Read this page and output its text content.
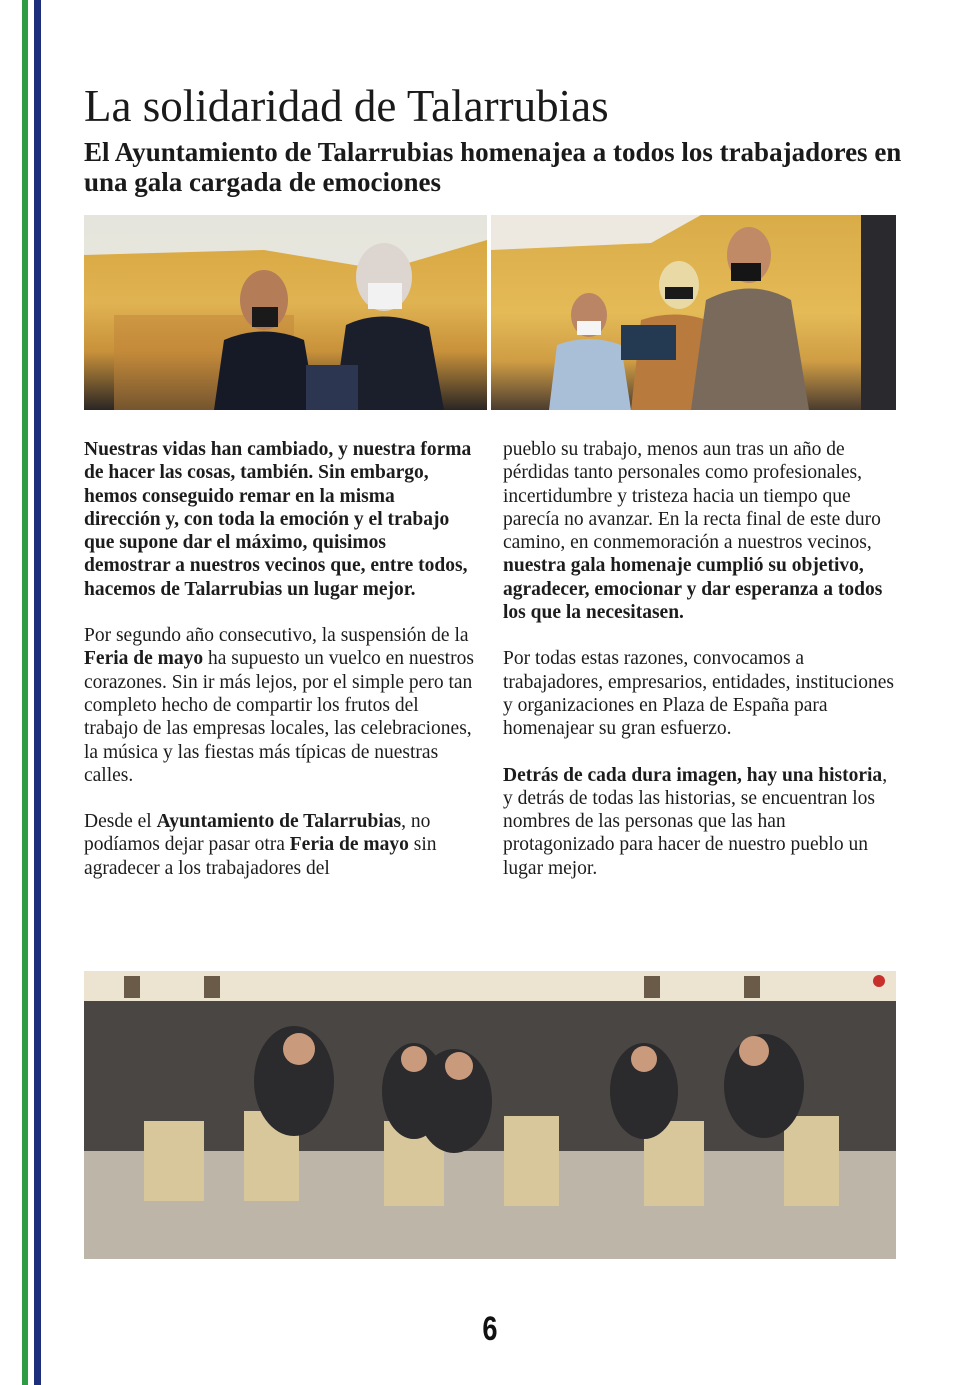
La solidaridad de Talarrubias
El Ayuntamiento de Talarrubias homenajea a todos los trabajadores en una gala cargada de emociones

Nuestras vidas han cambiado, y nuestra forma de hacer las cosas, también. Sin embargo, hemos conseguido remar en la misma dirección y, con toda la emoción y el trabajo que supone dar el máximo, quisimos demostrar a nuestros vecinos que, entre todos, hacemos de Talarrubias un lugar mejor.

Por segundo año consecutivo, la suspensión de la Feria de mayo ha supuesto un vuelco en nuestros corazones. Sin ir más lejos, por el simple pero tan completo hecho de compartir los frutos del trabajo de las empresas locales, las celebraciones, la música y las fiestas más típicas de nuestras calles.

Desde el Ayuntamiento de Talarrubias, no podíamos dejar pasar otra Feria de mayo sin agradecer a los trabajadores del

pueblo su trabajo, menos aun tras un año de pérdidas tanto personales como profesionales, incertidumbre y tristeza hacia un tiempo que parecía no avanzar. En la recta final de este duro camino, en conmemoración a nuestros vecinos, nuestra gala homenaje cumplió su objetivo, agradecer, emocionar y dar esperanza a todos los que la necesitasen.

Por todas estas razones, convocamos a trabajadores, empresarios, entidades, instituciones y organizaciones en Plaza de España para homenajear su gran esfuerzo.

Detrás de cada dura imagen, hay una historia, y detrás de todas las historias, se encuentran los nombres de las personas que las han protagonizado para hacer de nuestro pueblo un lugar mejor.

6
